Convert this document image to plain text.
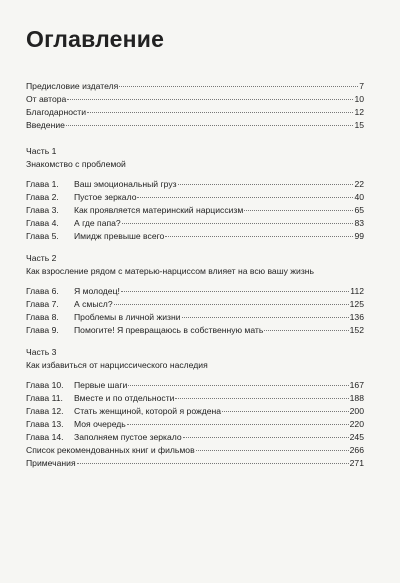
Оглавление
Предисловие издателя	7
От автора	10
Благодарности	12
Введение	15
Часть 1
Знакомство с проблемой
Глава 1.	Ваш эмоциональный груз	22
Глава 2.	Пустое зеркало	40
Глава 3.	Как проявляется материнский нарциссизм	65
Глава 4.	А где папа?	83
Глава 5.	Имидж превыше всего	99
Часть 2
Как взросление рядом с матерью-нарциссом влияет на всю вашу жизнь
Глава 6.	Я молодец!	112
Глава 7.	А смысл?	125
Глава 8.	Проблемы в личной жизни	136
Глава 9.	Помогите! Я превращаюсь в собственную мать	152
Часть 3
Как избавиться от нарциссического наследия
Глава 10.	Первые шаги	167
Глава 11.	Вместе и по отдельности	188
Глава 12.	Стать женщиной, которой я рождена	200
Глава 13.	Моя очередь	220
Глава 14.	Заполняем пустое зеркало	245
Список рекомендованных книг и фильмов	266
Примечания	271
